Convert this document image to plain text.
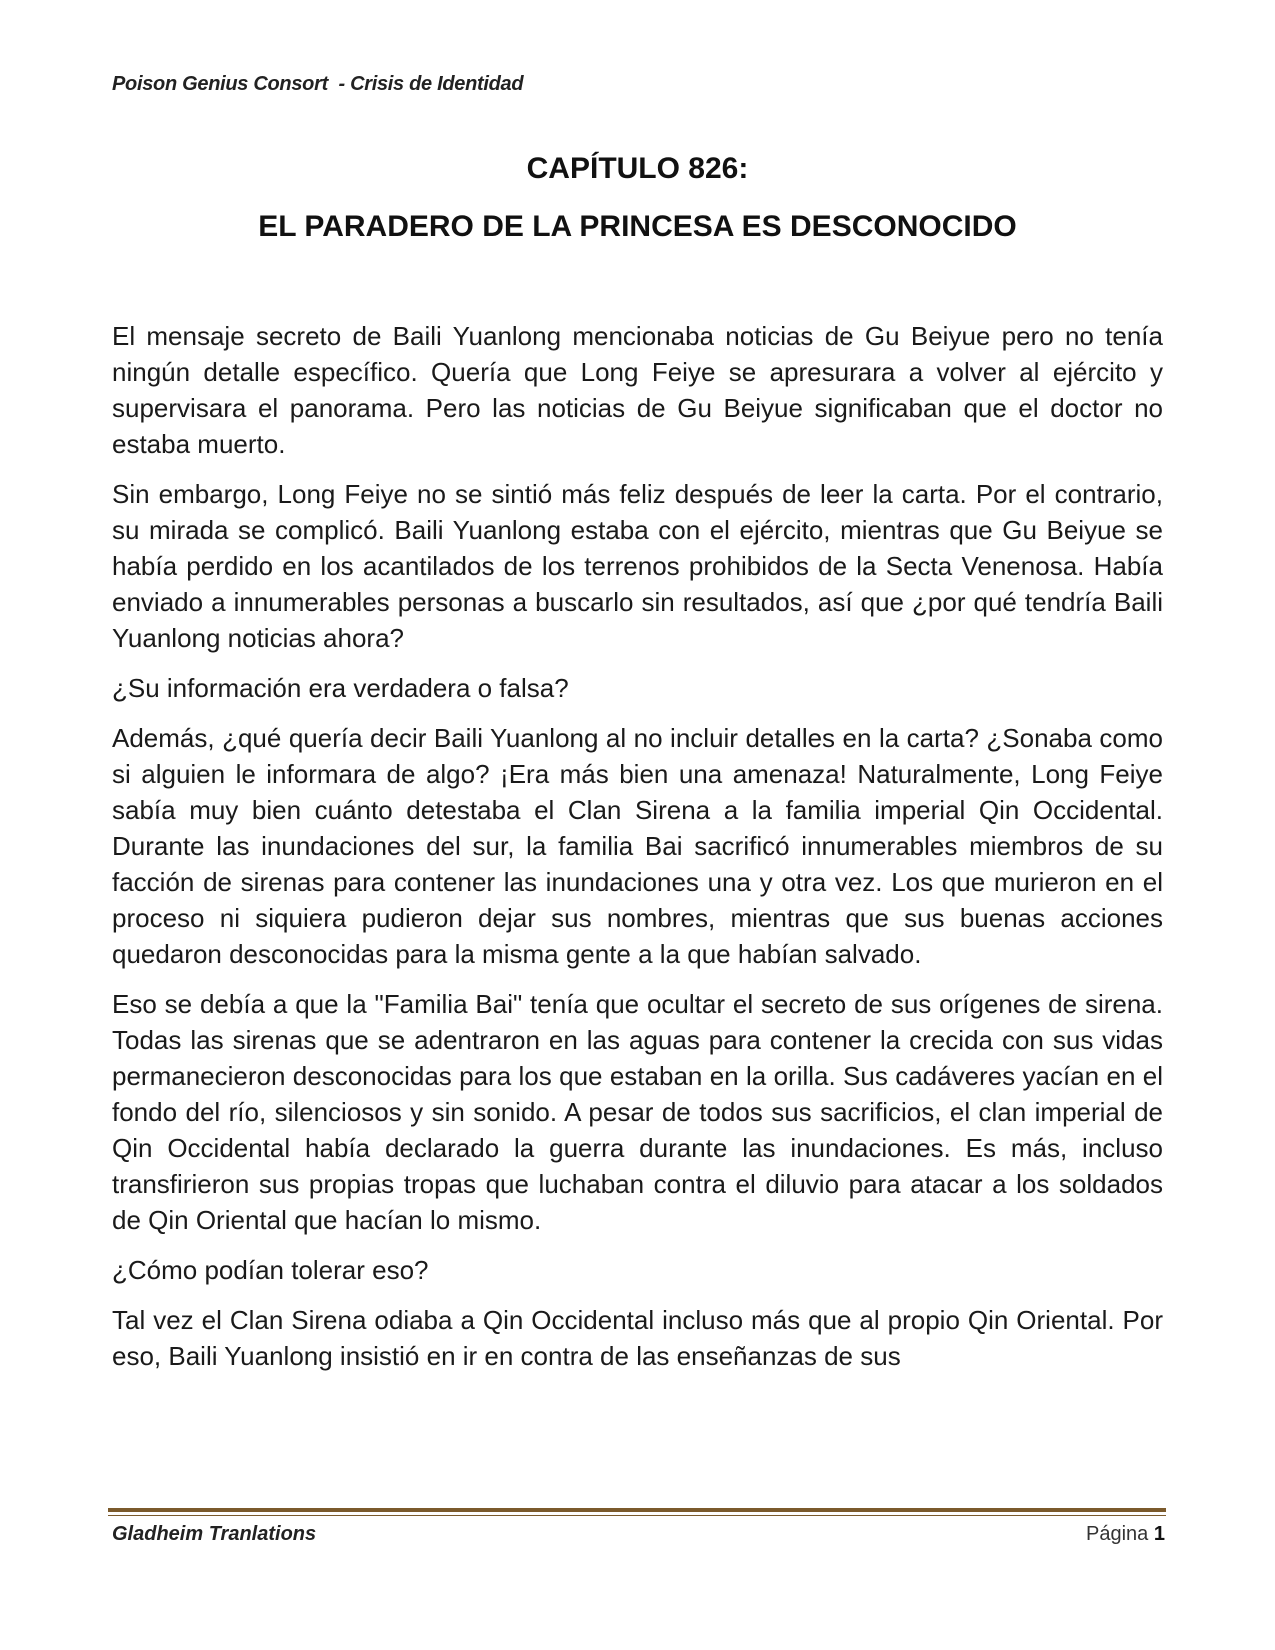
Poison Genius Consort  - Crisis de Identidad
CAPÍTULO 826:
EL PARADERO DE LA PRINCESA ES DESCONOCIDO

El mensaje secreto de Baili Yuanlong mencionaba noticias de Gu Beiyue pero no tenía ningún detalle específico. Quería que Long Feiye se apresurara a volver al ejército y supervisara el panorama. Pero las noticias de Gu Beiyue significaban que el doctor no estaba muerto.

Sin embargo, Long Feiye no se sintió más feliz después de leer la carta. Por el contrario, su mirada se complicó. Baili Yuanlong estaba con el ejército, mientras que Gu Beiyue se había perdido en los acantilados de los terrenos prohibidos de la Secta Venenosa. Había enviado a innumerables personas a buscarlo sin resultados, así que ¿por qué tendría Baili Yuanlong noticias ahora?

¿Su información era verdadera o falsa?

Además, ¿qué quería decir Baili Yuanlong al no incluir detalles en la carta? ¿Sonaba como si alguien le informara de algo? ¡Era más bien una amenaza! Naturalmente, Long Feiye sabía muy bien cuánto detestaba el Clan Sirena a la familia imperial Qin Occidental. Durante las inundaciones del sur, la familia Bai sacrificó innumerables miembros de su facción de sirenas para contener las inundaciones una y otra vez. Los que murieron en el proceso ni siquiera pudieron dejar sus nombres, mientras que sus buenas acciones quedaron desconocidas para la misma gente a la que habían salvado.

Eso se debía a que la "Familia Bai" tenía que ocultar el secreto de sus orígenes de sirena. Todas las sirenas que se adentraron en las aguas para contener la crecida con sus vidas permanecieron desconocidas para los que estaban en la orilla. Sus cadáveres yacían en el fondo del río, silenciosos y sin sonido. A pesar de todos sus sacrificios, el clan imperial de Qin Occidental había declarado la guerra durante las inundaciones. Es más, incluso transfirieron sus propias tropas que luchaban contra el diluvio para atacar a los soldados de Qin Oriental que hacían lo mismo.

¿Cómo podían tolerar eso?

Tal vez el Clan Sirena odiaba a Qin Occidental incluso más que al propio Qin Oriental. Por eso, Baili Yuanlong insistió en ir en contra de las enseñanzas de sus

Gladheim Tranlations	Página 1
